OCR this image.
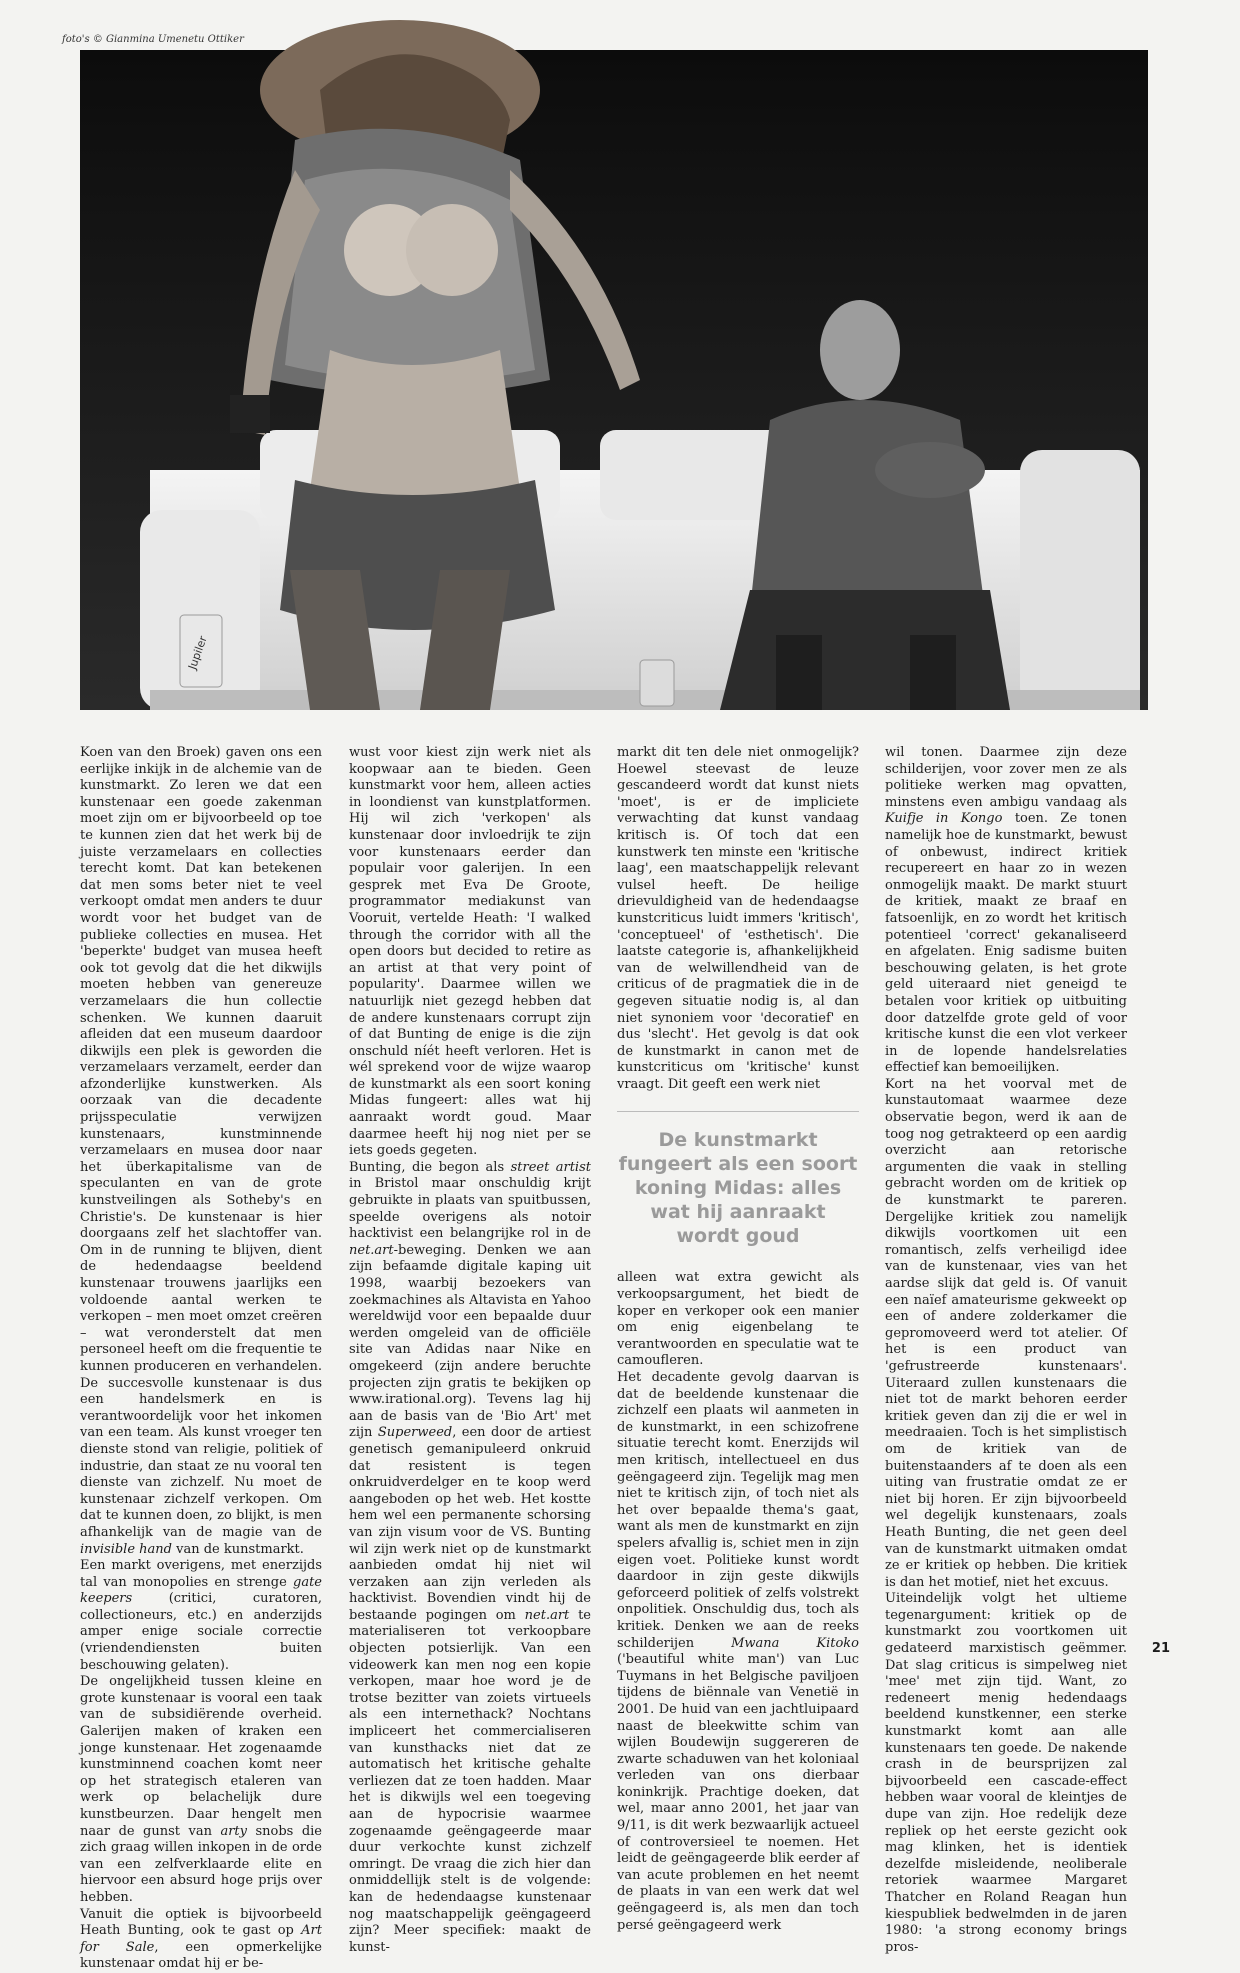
foto's © Gianmina Umenetu Ottiker
Jupiler

Koen van den Broek) gaven ons een eerlijke inkijk in de alchemie van de kunstmarkt. Zo leren we dat een kunstenaar een goede zakenman moet zijn om er bijvoorbeeld op toe te kunnen zien dat het werk bij de juiste verzamelaars en collecties terecht komt. Dat kan betekenen dat men soms beter niet te veel verkoopt omdat men anders te duur wordt voor het budget van de publieke collecties en musea. Het 'beperkte' budget van musea heeft ook tot gevolg dat die het dikwijls moeten hebben van genereuze verzamelaars die hun collectie schenken. We kunnen daaruit afleiden dat een museum daardoor dikwijls een plek is geworden die verzamelaars verzamelt, eerder dan afzonderlijke kunstwerken. Als oorzaak van die decadente prijsspeculatie verwijzen kunstenaars, kunstminnende verzamelaars en musea door naar het überkapitalisme van de speculanten en van de grote kunstveilingen als Sotheby's en Christie's. De kunstenaar is hier doorgaans zelf het slachtoffer van. Om in de running te blijven, dient de hedendaagse beeldend kunstenaar trouwens jaarlijks een voldoende aantal werken te verkopen – men moet omzet creëren – wat veronderstelt dat men personeel heeft om die frequentie te kunnen produceren en verhandelen. De succesvolle kunstenaar is dus een handelsmerk en is verantwoordelijk voor het inkomen van een team. Als kunst vroeger ten dienste stond van religie, politiek of industrie, dan staat ze nu vooral ten dienste van zichzelf. Nu moet de kunstenaar zichzelf verkopen. Om dat te kunnen doen, zo blijkt, is men afhankelijk van de magie van de invisible hand van de kunstmarkt.

Een markt overigens, met enerzijds tal van monopolies en strenge gate keepers	(critici, curatoren, collectioneurs, etc.) en anderzijds amper enige sociale correctie (vriendendiensten buiten beschouwing gelaten).

De ongelijkheid tussen kleine en grote kunstenaar is vooral een taak van de subsidiërende overheid. Galerijen maken of kraken een jonge kunstenaar. Het zogenaamde kunstminnend coachen komt neer op het strategisch etaleren van werk op belachelijk dure kunstbeurzen. Daar hengelt men naar de gunst van arty snobs die zich graag willen inkopen in de orde van een zelfverklaarde elite en hiervoor een absurd hoge prijs over hebben.

Vanuit die optiek is bijvoorbeeld Heath Bunting, ook te gast op Art for Sale, een opmerkelijke kunstenaar omdat hij er be-

wust voor kiest zijn werk niet als koopwaar aan te bieden. Geen kunstmarkt voor hem, alleen acties in loondienst van kunstplatformen. Hij wil zich 'verkopen' als kunstenaar door invloedrijk te zijn voor kunstenaars eerder dan populair voor galerijen. In een gesprek met Eva De Groote, programmator mediakunst van Vooruit, vertelde Heath: 'I walked through the corridor with all the open doors but decided to retire as an artist at that very point of popularity'. Daarmee willen we natuurlijk niet gezegd hebben dat de andere kunstenaars corrupt zijn of dat Bunting de enige is die zijn onschuld níét heeft verloren. Het is wél sprekend voor de wijze waarop de kunstmarkt als een soort koning Midas fungeert: alles wat hij aanraakt wordt goud. Maar daarmee heeft hij nog niet per se iets goeds gegeten.

Bunting, die begon als street artist in Bristol maar onschuldig krijt gebruikte in plaats van spuitbussen, speelde overigens als notoir hacktivist een belangrijke rol in de net.art-beweging. Denken we aan zijn befaamde digitale kaping uit 1998, waarbij bezoekers van zoekmachines als Altavista en Yahoo wereldwijd voor een bepaalde duur werden omgeleid van de officiële site van Adidas naar Nike en omgekeerd (zijn andere beruchte projecten zijn gratis te bekijken op www.irational.org). Tevens lag hij aan de basis van de 'Bio Art' met zijn Superweed, een door de artiest genetisch gemanipuleerd onkruid dat resistent is tegen onkruidverdelger en te koop werd aangeboden op het web. Het kostte hem wel een permanente schorsing van zijn visum voor de VS. Bunting wil zijn werk niet op de kunstmarkt aanbieden omdat hij niet wil verzaken aan zijn verleden als hacktivist. Bovendien vindt hij de bestaande pogingen om net.art te materialiseren tot verkoopbare objecten potsierlijk. Van een videowerk kan men nog een kopie verkopen, maar hoe word je de trotse bezitter van zoiets virtueels als een internethack? Nochtans impliceert het commercialiseren van kunsthacks niet dat ze automatisch het kritische gehalte verliezen dat ze toen hadden. Maar het is dikwijls wel een toegeving aan de hypocrisie waarmee zogenaamde geëngageerde maar duur verkochte kunst zichzelf omringt. De vraag die zich hier dan onmiddellijk stelt is de volgende: kan de hedendaagse kunstenaar nog maatschappelijk geëngageerd zijn? Meer specifiek: maakt de kunst-

markt dit ten dele niet onmogelijk? Hoewel steevast de leuze gescandeerd wordt dat kunst niets 'moet', is er de impliciete verwachting dat kunst vandaag kritisch is. Of toch dat een kunstwerk ten minste een 'kritische laag', een maatschappelijk relevant vulsel heeft. De heilige drievuldigheid van de hedendaagse kunstcriticus luidt immers 'kritisch', 'conceptueel' of 'esthetisch'. Die laatste categorie is, afhankelijkheid van de welwillendheid van de criticus of de pragmatiek die in de gegeven situatie nodig is, al dan niet synoniem voor 'decoratief' en dus 'slecht'. Het gevolg is dat ook de kunstmarkt in canon met de kunstcriticus om 'kritische' kunst vraagt. Dit geeft een werk niet

De kunstmarkt fungeert als een soort koning Midas: alles wat hij aanraakt wordt goud

alleen wat extra gewicht als verkoopsargument, het biedt de koper en verkoper ook een manier om enig eigenbelang te verantwoorden en speculatie wat te camoufleren.

Het decadente gevolg daarvan is dat de beeldende kunstenaar die zichzelf een plaats wil aanmeten in de kunstmarkt, in een schizofrene situatie terecht komt. Enerzijds wil men kritisch, intellectueel en dus geëngageerd zijn. Tegelijk mag men niet te kritisch zijn, of toch niet als het over bepaalde thema's gaat, want als men de kunstmarkt en zijn spelers afvallig is, schiet men in zijn eigen voet. Politieke kunst wordt daardoor in zijn geste dikwijls geforceerd politiek of zelfs volstrekt onpolitiek. Onschuldig dus, toch als kritiek. Denken we aan de reeks schilderijen	Mwana Kitoko ('beautiful white man') van Luc Tuymans in het Belgische paviljoen tijdens de biënnale van Venetië in 2001. De huid van een jachtluipaard naast de bleekwitte schim van wijlen Boudewijn suggereren de zwarte schaduwen van het koloniaal verleden van ons dierbaar koninkrijk. Prachtige doeken, dat wel, maar anno 2001, het jaar van 9/11, is dit werk bezwaarlijk actueel of controversieel te noemen. Het leidt de geëngageerde blik eerder af van acute problemen en het neemt de plaats in van een werk dat wel geëngageerd is, als men dan toch persé geëngageerd werk

wil tonen. Daarmee zijn deze schilderijen, voor zover men ze als politieke werken mag opvatten, minstens even ambigu vandaag als Kuifje in Kongo toen. Ze tonen namelijk hoe de kunstmarkt, bewust of onbewust, indirect kritiek recupereert en haar zo in wezen onmogelijk maakt. De markt stuurt de kritiek, maakt ze braaf en fatsoenlijk, en zo wordt het kritisch potentieel 'correct' gekanaliseerd en afgelaten. Enig sadisme buiten beschouwing gelaten, is het grote geld uiteraard niet geneigd te betalen voor kritiek op uitbuiting door datzelfde grote geld of voor kritische kunst die een vlot verkeer in de lopende handelsrelaties effectief kan bemoeilijken.

Kort na het voorval met de kunstautomaat waarmee deze observatie begon, werd ik aan de toog nog getrakteerd op een aardig overzicht aan retorische argumenten die vaak in stelling gebracht worden om de kritiek op de kunstmarkt te pareren. Dergelijke kritiek zou namelijk dikwijls voortkomen uit een romantisch, zelfs verheiligd idee van de kunstenaar, vies van het aardse slijk dat geld is. Of vanuit een naïef amateurisme gekweekt op een of andere zolderkamer die gepromoveerd werd tot atelier. Of het is een product van 'gefrustreerde kunstenaars'. Uiteraard zullen kunstenaars die niet tot de markt behoren eerder kritiek geven dan zij die er wel in meedraaien. Toch is het simplistisch om de kritiek van de buitenstaanders af te doen als een uiting van frustratie omdat ze er niet bij horen. Er zijn bijvoorbeeld wel degelijk kunstenaars, zoals Heath Bunting, die net geen deel van de kunstmarkt uitmaken omdat ze er kritiek op hebben. Die kritiek is dan het motief, niet het excuus.

Uiteindelijk volgt het ultieme tegenargument: kritiek op de kunstmarkt zou voortkomen uit gedateerd marxistisch geëmmer. Dat slag criticus is simpelweg niet 'mee' met zijn tijd. Want, zo redeneert menig hedendaags beeldend kunstkenner, een sterke kunstmarkt komt aan alle kunstenaars ten goede. De nakende crash in de beursprijzen zal bijvoorbeeld een cascade-effect hebben waar vooral de kleintjes de dupe van zijn. Hoe redelijk deze repliek op het eerste gezicht ook mag klinken, het is identiek dezelfde misleidende, neoliberale retoriek waarmee Margaret Thatcher en Roland Reagan hun kiespubliek bedwelmden in de jaren 1980: 'a strong economy brings pros-

21
